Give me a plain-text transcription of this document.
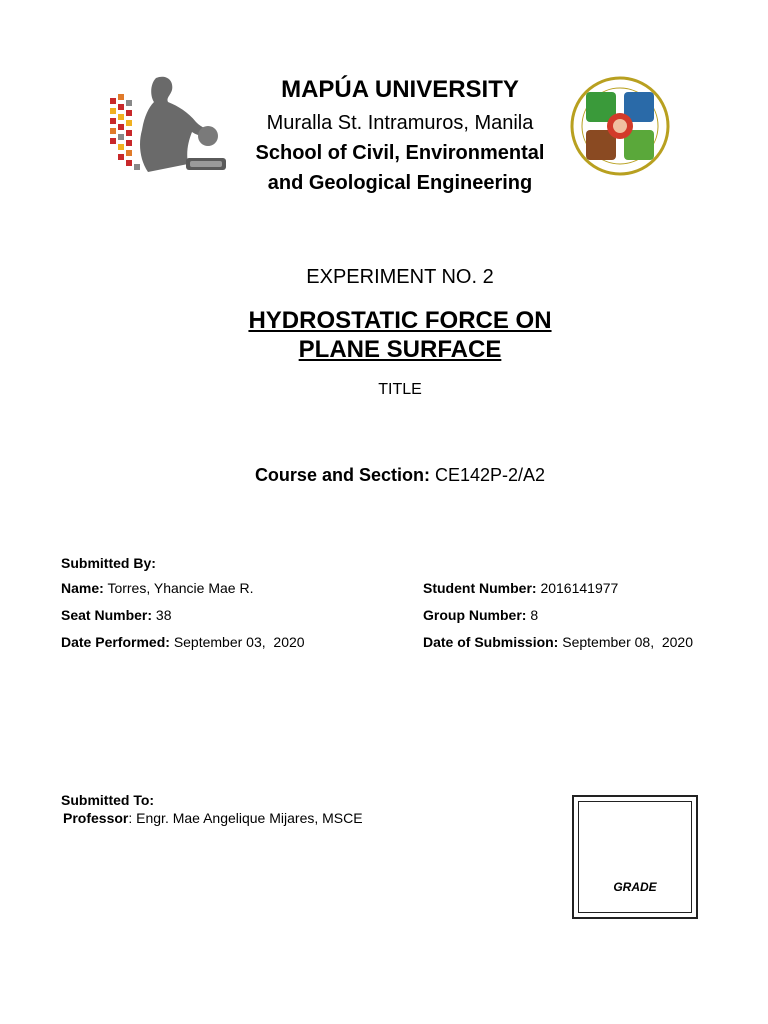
MAPÚA UNIVERSITY
Muralla St. Intramuros, Manila
School of Civil, Environmental
and Geological Engineering
EXPERIMENT NO. 2
HYDROSTATIC FORCE ON
PLANE SURFACE
TITLE
Course and Section: CE142P-2/A2
Submitted By:
Name: Torres, Yhancie Mae R.
Seat Number: 38
Date Performed: September 03,  2020
Student Number: 2016141977
Group Number: 8
Date of Submission: September 08,  2020
Submitted To:
Professor: Engr. Mae Angelique Mijares, MSCE
GRADE
